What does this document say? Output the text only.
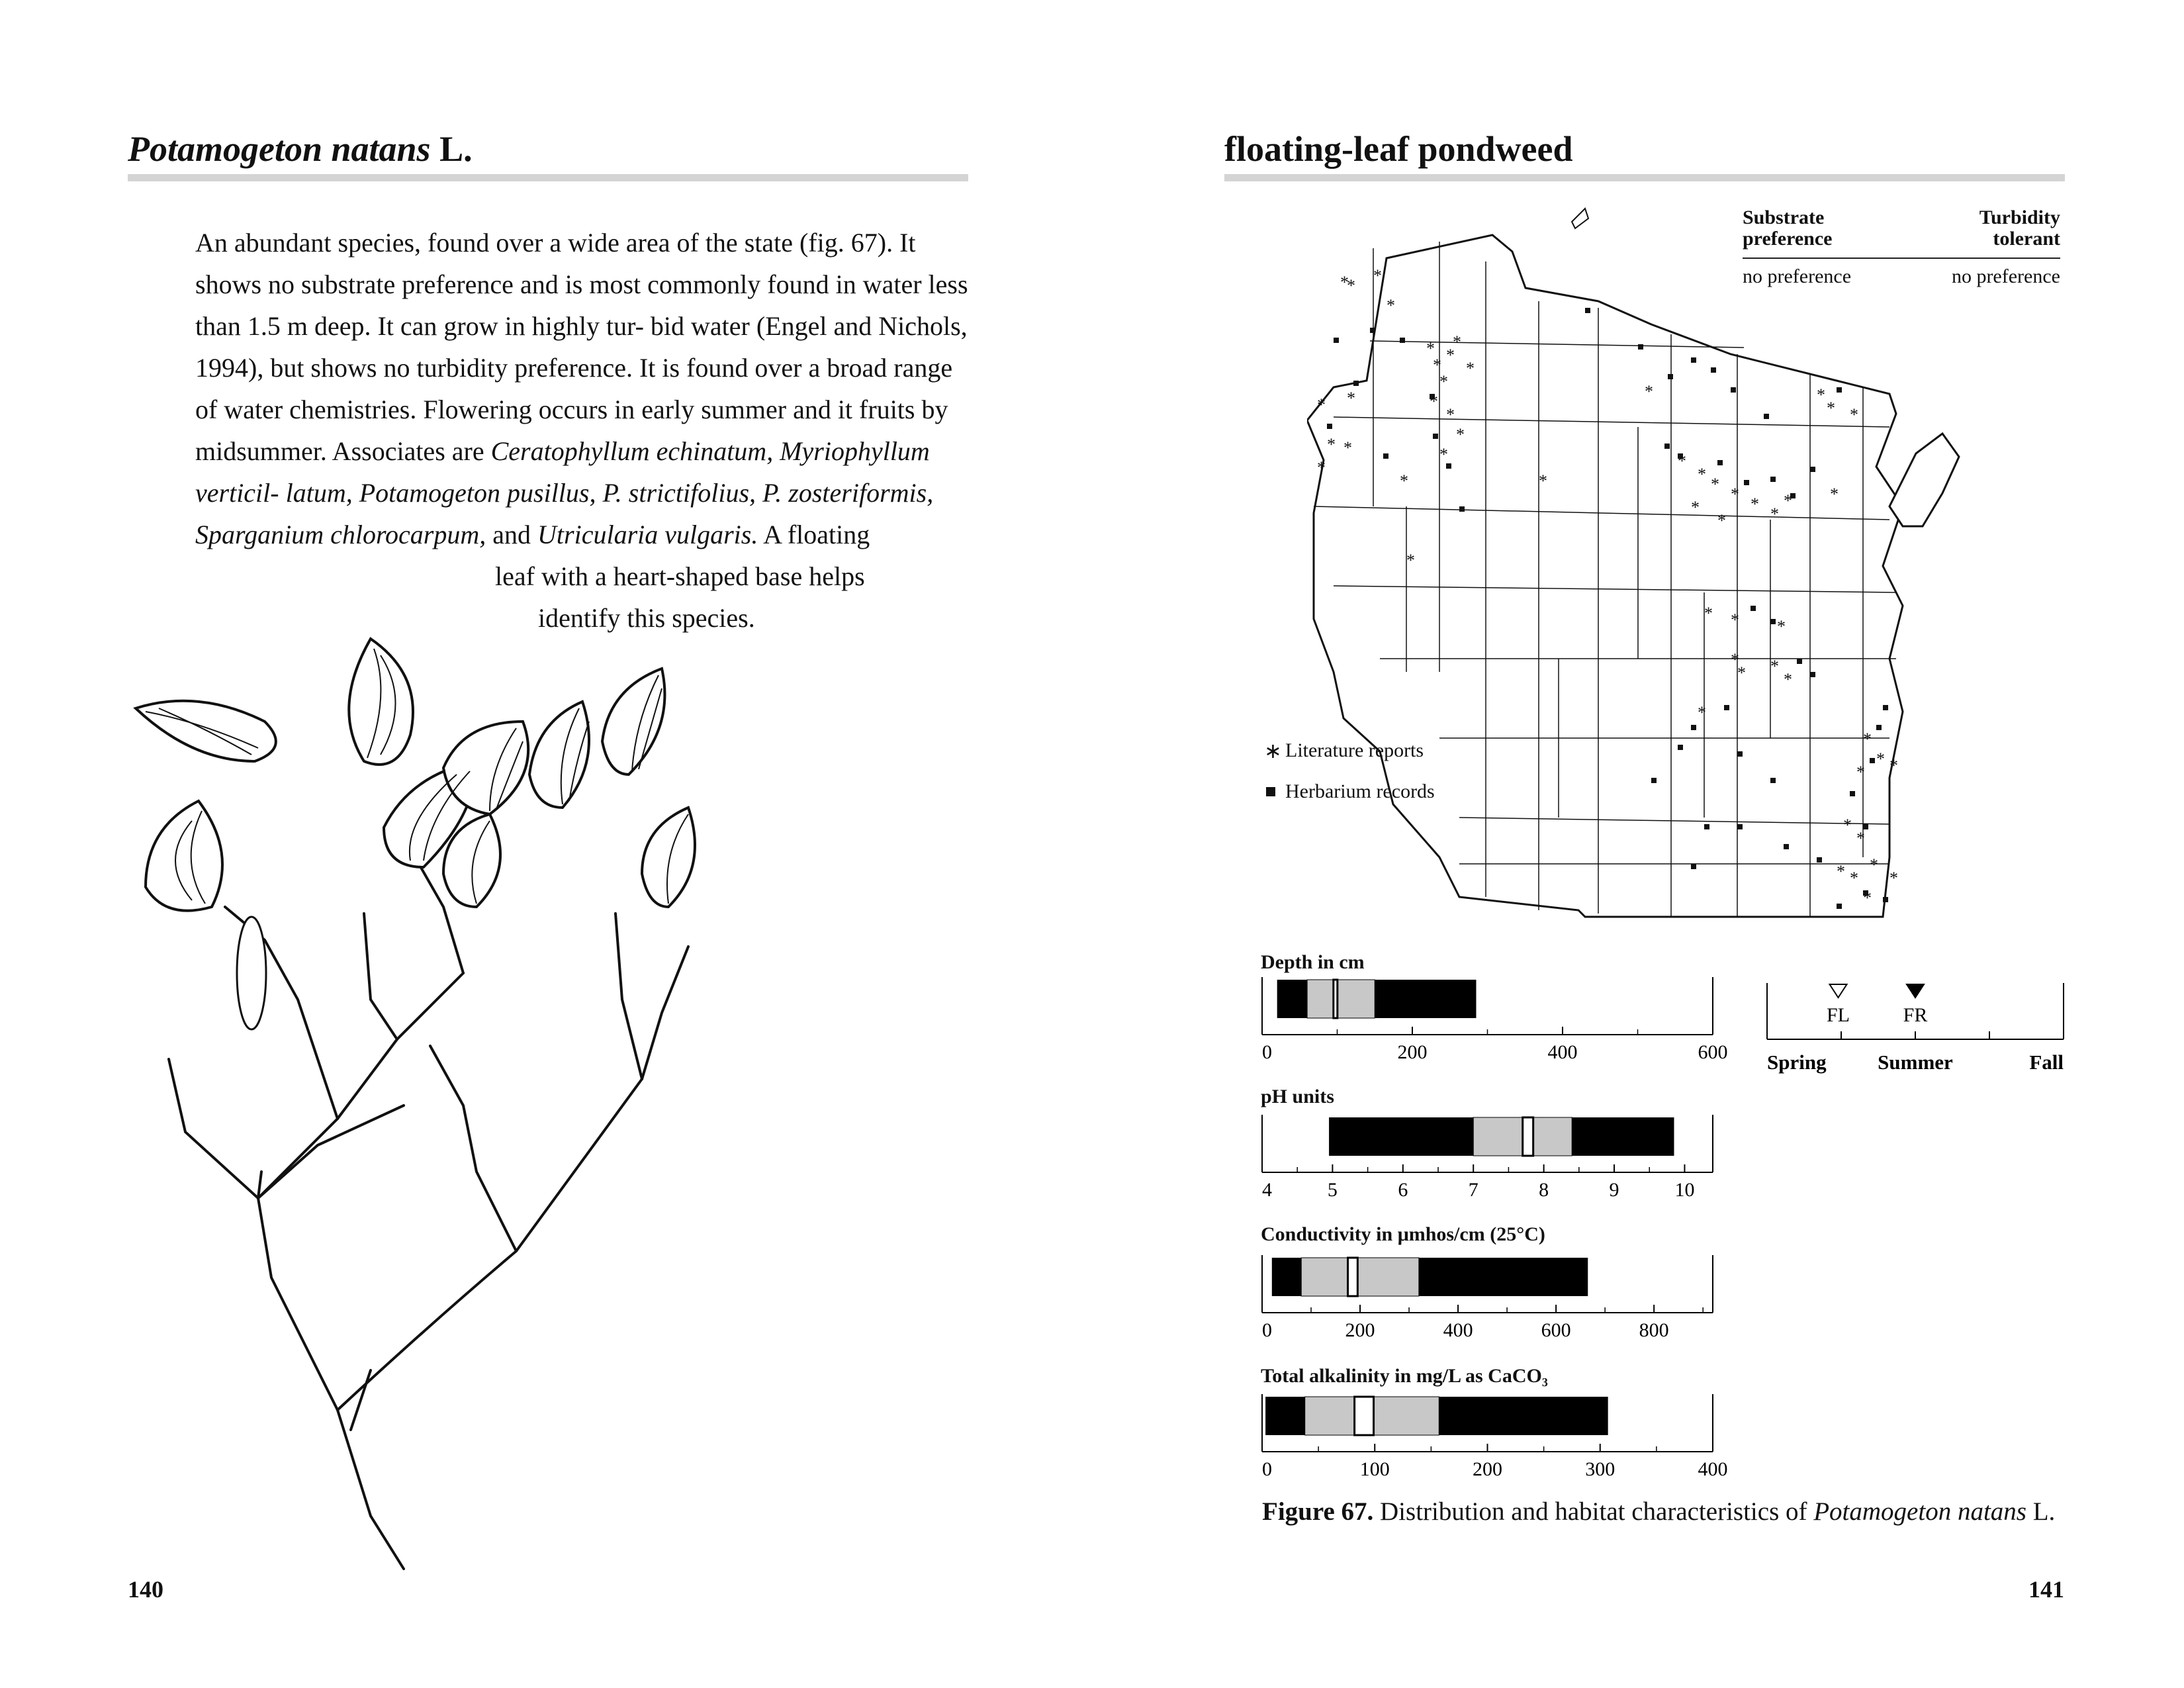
Potamogeton natans L.

An abundant species, found over a wide area of the state (fig. 67). It shows no substrate preference and is most commonly found in water less than 1.5 m deep. It can grow in highly tur- bid water (Engel and Nichols, 1994), but shows no turbidity preference. It is found over a broad range of water chemistries. Flowering occurs in early summer and it fruits by midsummer. Associates are Ceratophyllum echinatum, Myriophyllum verticil- latum, Potamogeton pusillus, P. strictifolius, P. zosteriformis, Sparganium chlorocarpum, and Utricularia vulgaris. A floating

leaf with a heart-shaped base helps

identify this species.

140
floating-leaf pondweed
Substrate
preference
Turbidity
tolerant
no preference	no preference
*
*
*
*
*
*
*
*
*
*
*
*
*
*
*
*
*
*
*
*	*
*
*
*
*
*
*
*
*
*
*
* *
*
* *
* * *
*
* *
*
*
*
*
* *
*
*
* *
*
*
*
∗ Literature reports
Herbarium records
Depth in cm
0	200	400	600
pH units
4	5	6	7	8	9	10
Conductivity in μmhos/cm (25°C)
0	200	400	600	800
Total alkalinity in mg/L as CaCO₃
0	100	200	300	400
Spring	Summer	Fall
FL	FR
Figure 67. Distribution and habitat characteristics of Potamogeton natans L.
141
